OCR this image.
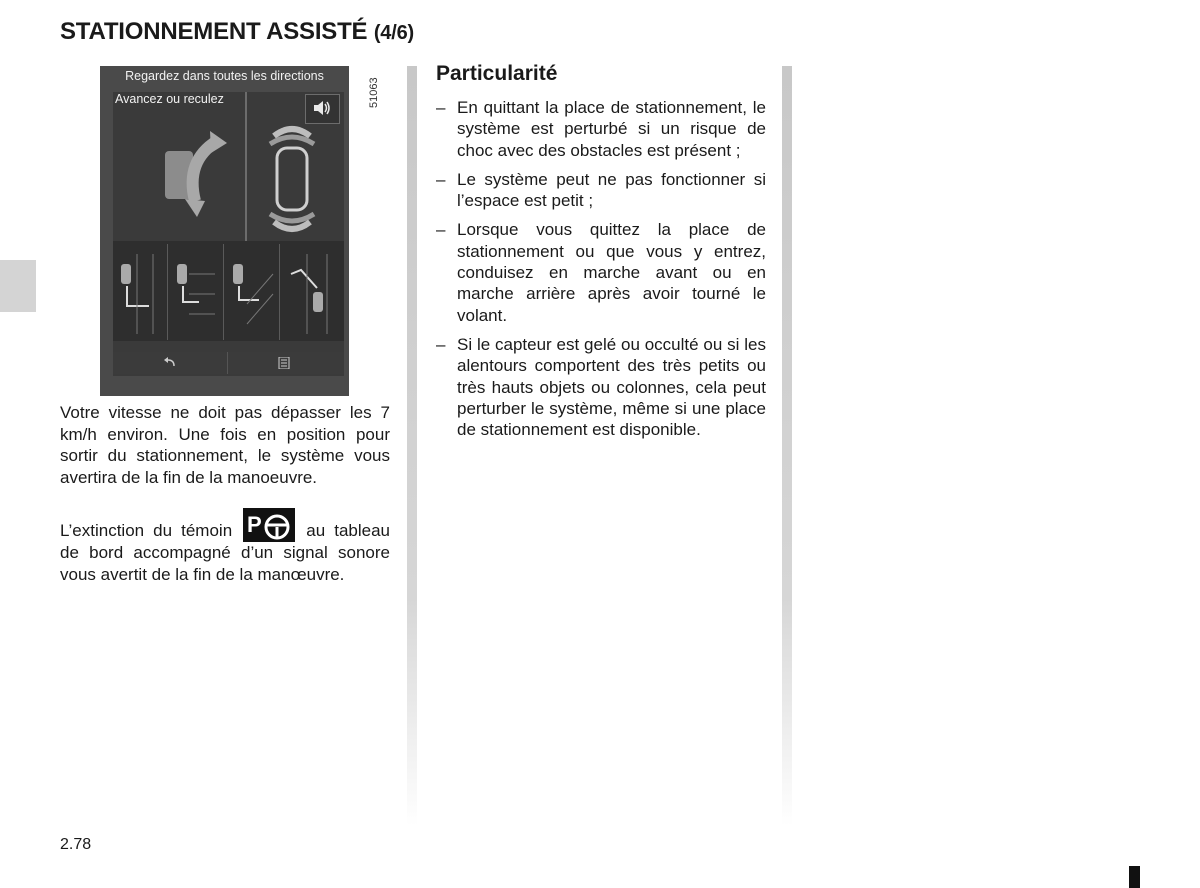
STATIONNEMENT ASSISTÉ (4/6)
Regardez dans toutes les directions
Avancez ou reculez	51063
Votre vitesse ne doit pas dépasser les 7 km/h environ. Une fois en position pour sortir du stationnement, le système vous avertira de la fin de la manoeuvre.
L’extinction du témoin P	au tableau de bord accompagné d’un signal sonore vous avertit de la fin de la manœuvre.
Particularité
– En quittant la place de stationnement, le système est perturbé si un risque de choc avec des obstacles est présent ;
– Le système peut ne pas fonctionner si l’espace est petit ;
– Lorsque vous quittez la place de stationnement ou que vous y entrez, conduisez en marche avant ou en marche arrière après avoir tourné le volant.
– Si le capteur est gelé ou occulté ou si les alentours comportent des très petits ou très hauts objets ou colonnes, cela peut perturber le système, même si une place de stationnement est disponible.
2.78
